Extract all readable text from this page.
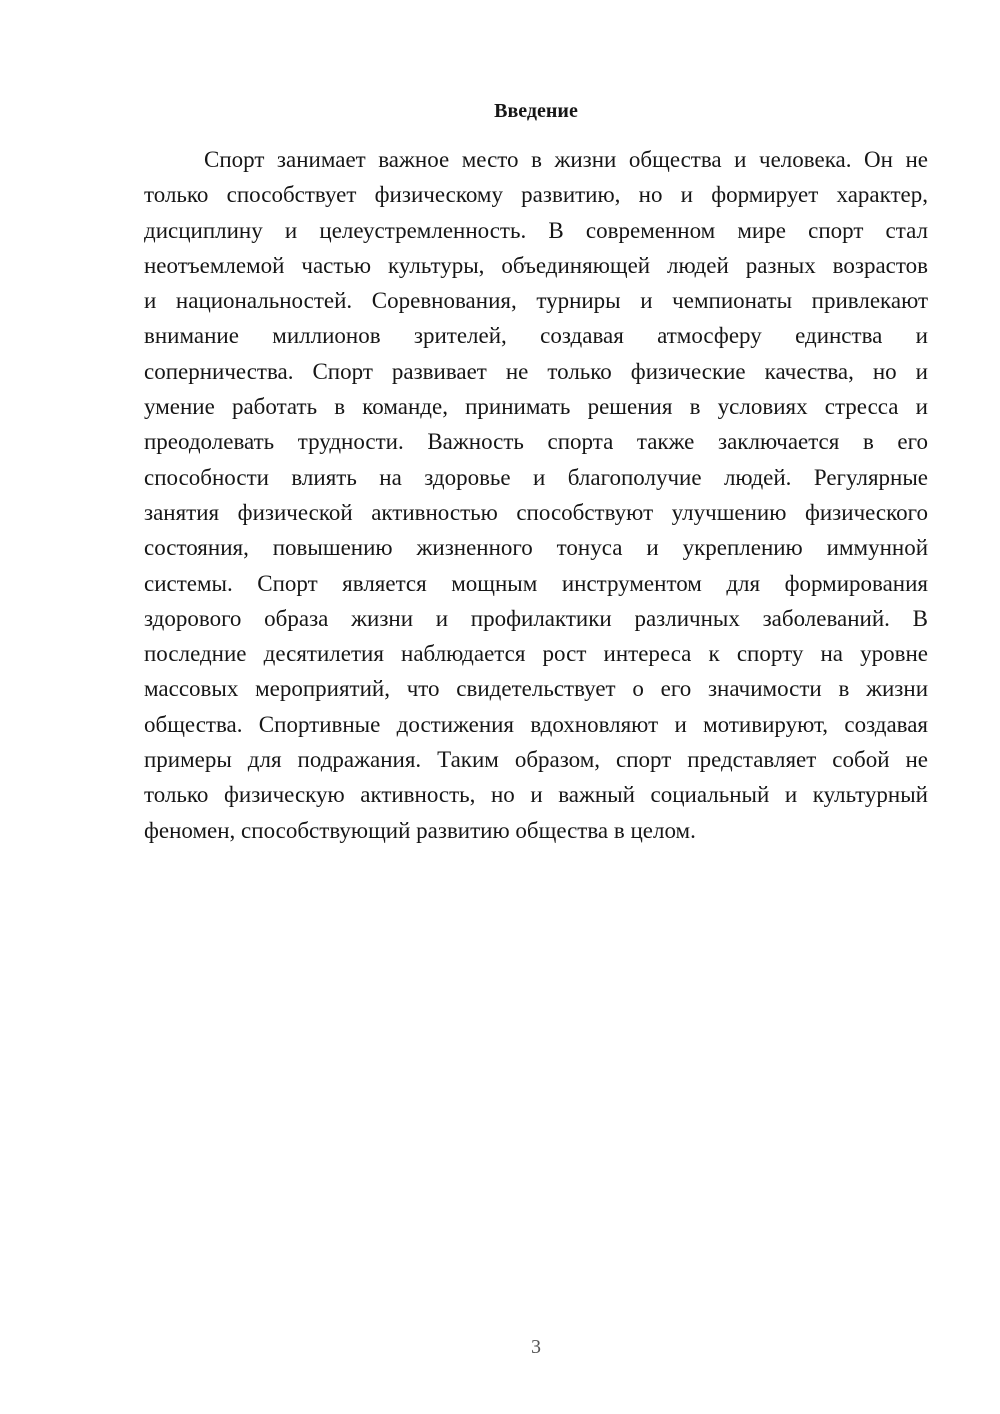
Введение
Спорт занимает важное место в жизни общества и человека. Он не
только способствует физическому развитию, но и формирует характер,
дисциплину и целеустремленность. В современном мире спорт стал
неотъемлемой частью культуры, объединяющей людей разных возрастов
и национальностей. Соревнования, турниры и чемпионаты привлекают
внимание миллионов зрителей, создавая атмосферу единства и
соперничества. Спорт развивает не только физические качества, но и
умение работать в команде, принимать решения в условиях стресса и
преодолевать трудности. Важность спорта также заключается в его
способности влиять на здоровье и благополучие людей. Регулярные
занятия физической активностью способствуют улучшению физического
состояния, повышению жизненного тонуса и укреплению иммунной
системы. Спорт является мощным инструментом для формирования
здорового образа жизни и профилактики различных заболеваний. В
последние десятилетия наблюдается рост интереса к спорту на уровне
массовых мероприятий, что свидетельствует о его значимости в жизни
общества. Спортивные достижения вдохновляют и мотивируют, создавая
примеры для подражания. Таким образом, спорт представляет собой не
только физическую активность, но и важный социальный и культурный
феномен, способствующий развитию общества в целом.
3
